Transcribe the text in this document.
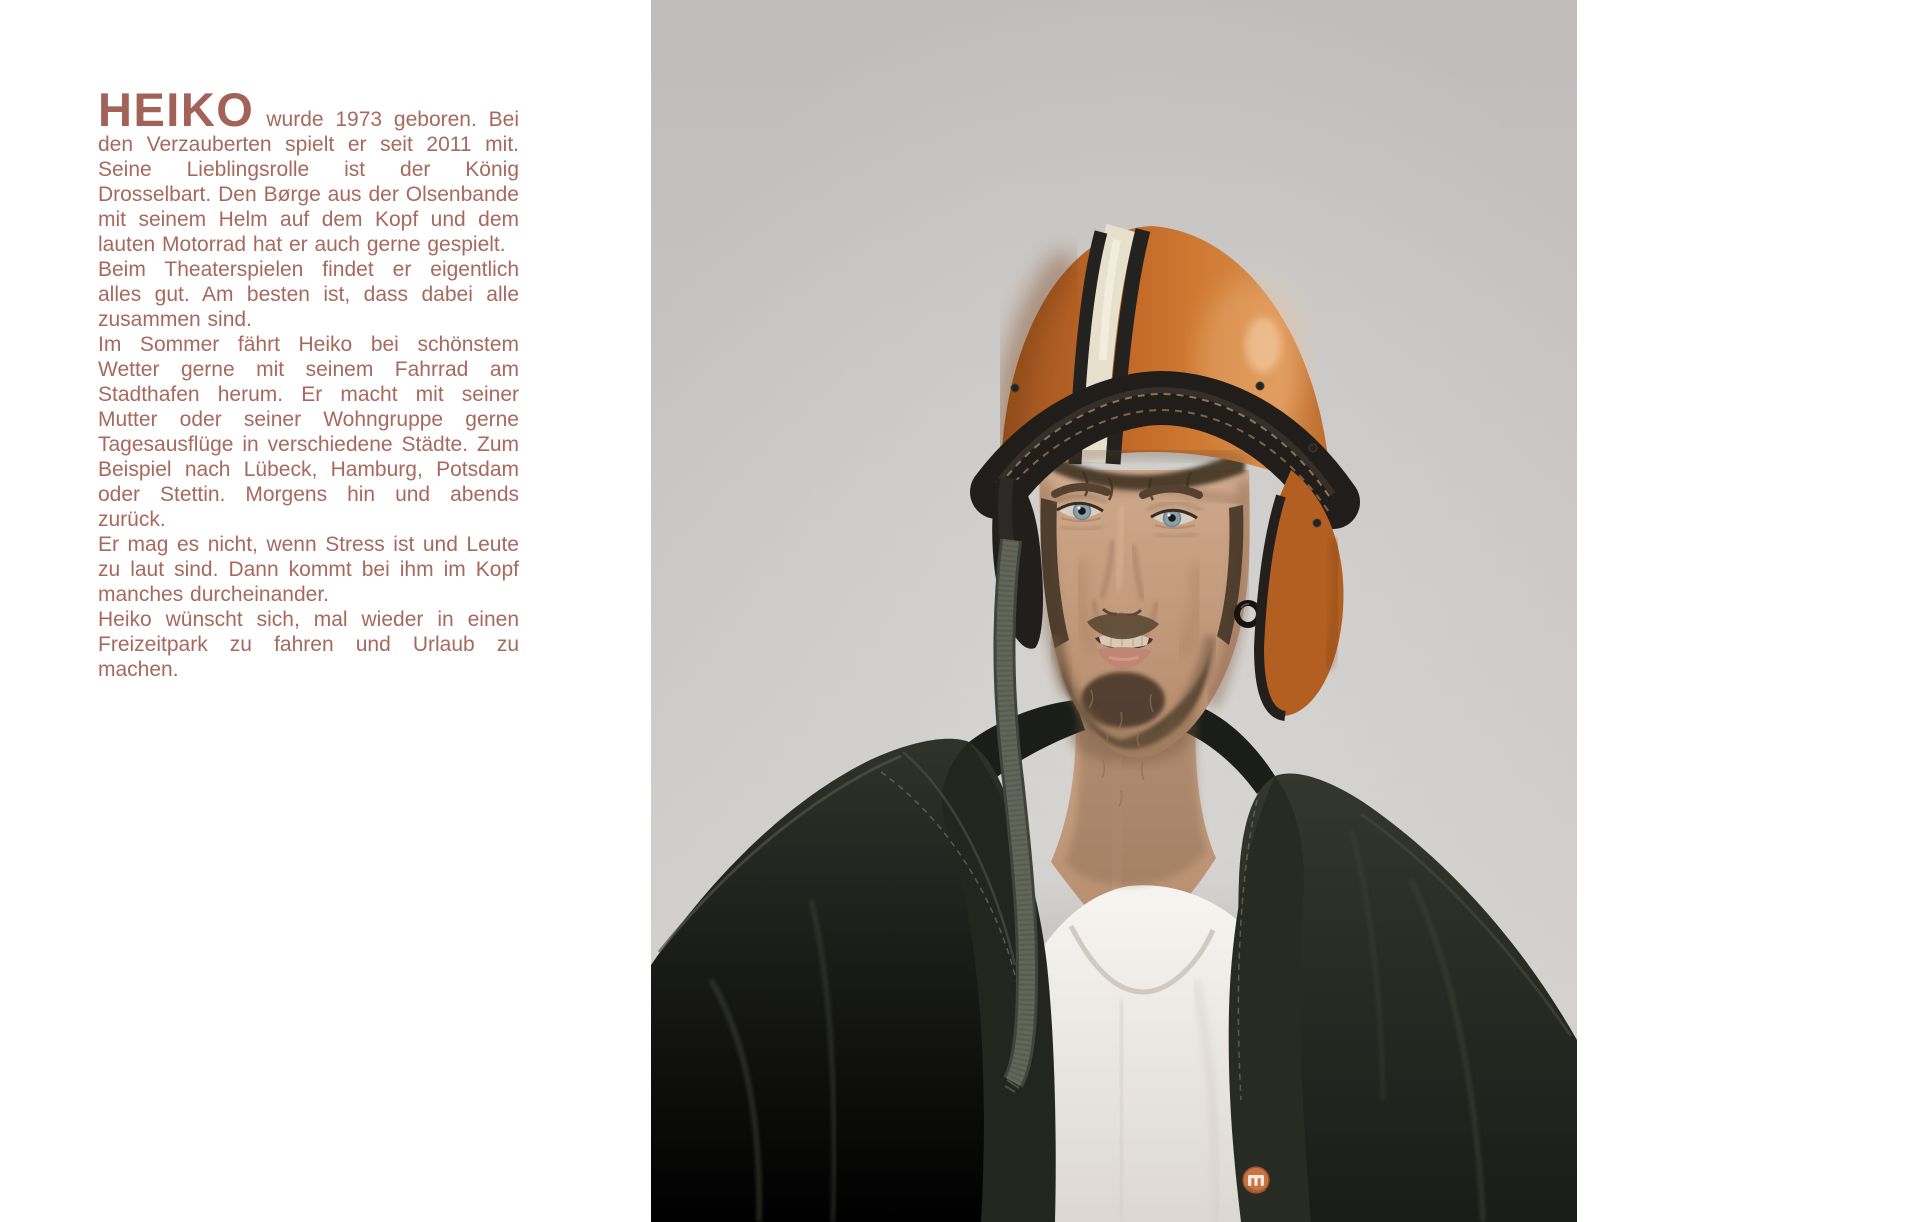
HEIKO wurde 1973 geboren. Bei den Verzauberten spielt er seit 2011 mit. Seine Lieblingsrolle ist der König Drosselbart. Den Børge aus der Olsenbande mit seinem Helm auf dem Kopf und dem lauten Motorrad hat er auch gerne gespielt.

Beim Theaterspielen findet er eigentlich alles gut. Am besten ist, dass dabei alle zusammen sind.

Im Sommer fährt Heiko bei schönstem Wetter gerne mit seinem Fahrrad am Stadthafen herum. Er macht mit seiner Mutter oder seiner Wohngruppe gerne Tagesausflüge in verschiedene Städte. Zum Beispiel nach Lübeck, Hamburg, Potsdam oder Stettin. Morgens hin und abends zurück.

Er mag es nicht, wenn Stress ist und Leute zu laut sind. Dann kommt bei ihm im Kopf manches durcheinander.

Heiko wünscht sich, mal wieder in einen Freizeitpark zu fahren und Urlaub zu machen.
